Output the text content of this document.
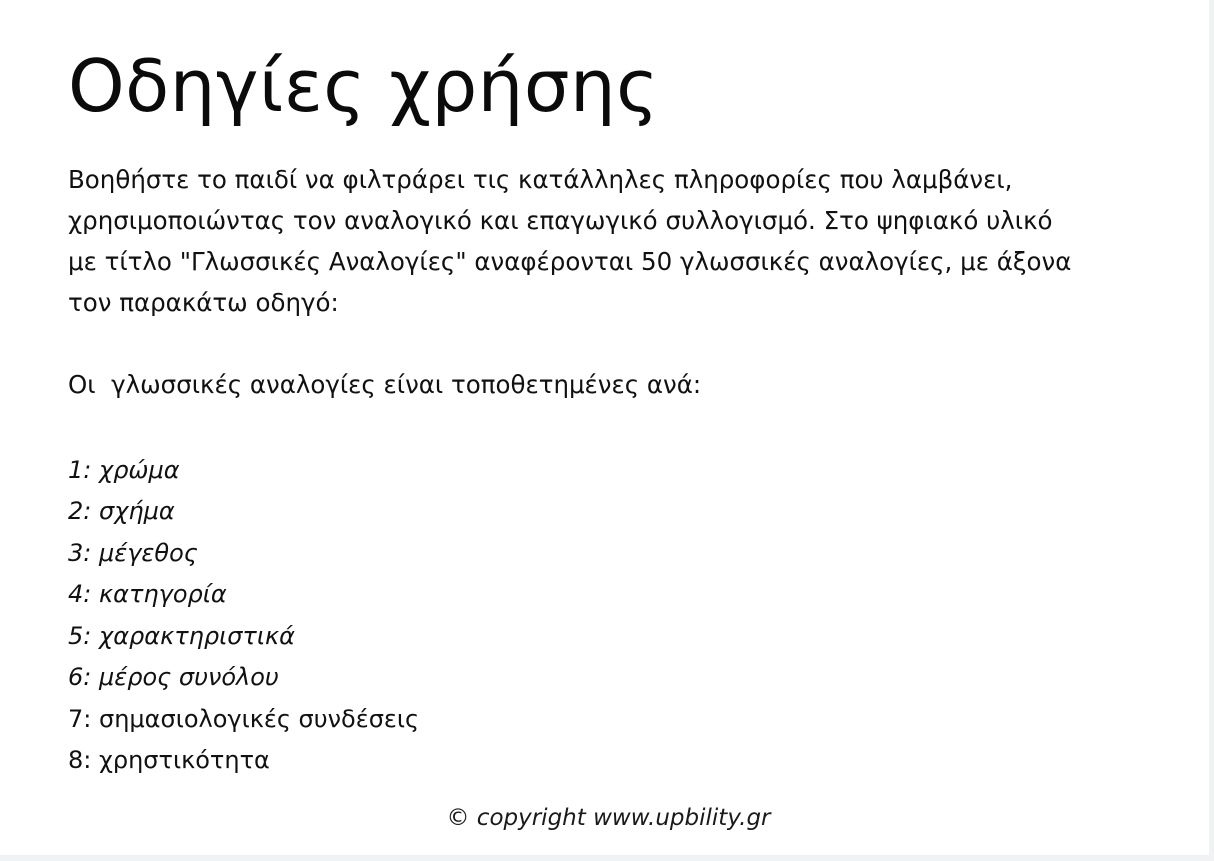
Οδηγίες χρήσης
Βοηθήστε το παιδί να φιλτράρει τις κατάλληλες πληροφορίες που λαμβάνει, χρησιμοποιώντας τον αναλογικό και επαγωγικό συλλογισμό. Στο ψηφιακό υλικό με τίτλο "Γλωσσικές Αναλογίες" αναφέρονται 50 γλωσσικές αναλογίες, με άξονα τον παρακάτω οδηγό:
Οι  γλωσσικές αναλογίες είναι τοποθετημένες ανά:
1: χρώμα
2: σχήμα
3: μέγεθος
4: κατηγορία
5: χαρακτηριστικά
6: μέρος συνόλου
7: σημασιολογικές συνδέσεις
8: χρηστικότητα
© copyright www.upbility.gr
